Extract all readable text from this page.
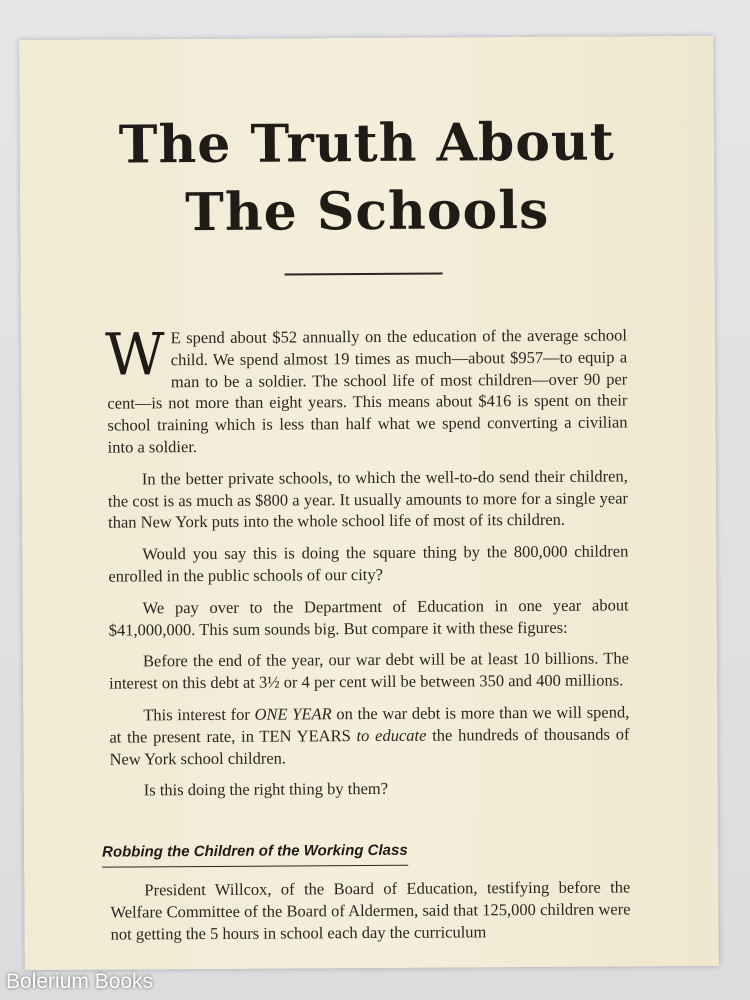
The Truth About
The Schools

W E spend about $52 annually on the education of the average school child. We spend almost 19 times as much—about $957—to equip a man to be a soldier. The school life of most children—over 90 per cent—is not more than eight years. This means about $416 is spent on their school training which is less than half what we spend converting a civilian into a soldier.

In the better private schools, to which the well-to-do send their children, the cost is as much as $800 a year. It usually amounts to more for a single year than New York puts into the whole school life of most of its children.

Would you say this is doing the square thing by the 800,000 children enrolled in the public schools of our city?

We pay over to the Department of Education in one year about $41,000,000. This sum sounds big. But compare it with these figures:

Before the end of the year, our war debt will be at least 10 billions. The interest on this debt at 3½ or 4 per cent will be between 350 and 400 millions.

This interest for ONE YEAR on the war debt is more than we will spend, at the present rate, in TEN YEARS to educate the hundreds of thousands of New York school children.

Is this doing the right thing by them?

Robbing the Children of the Working Class

President Willcox, of the Board of Education, testifying before the Welfare Committee of the Board of Aldermen, said that 125,000 children were not getting the 5 hours in school each day the curriculum

Bolerium Books
